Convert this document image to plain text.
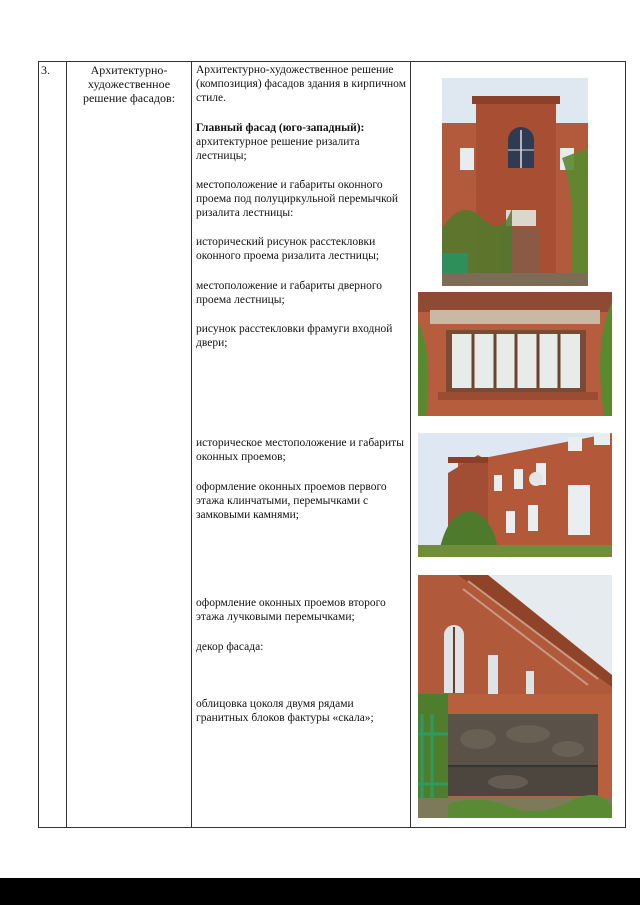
3.	Архитектурно-художественное решение фасадов:
Архитектурно-художественное решение (композиция) фасадов здания в кирпичном стиле.
Главный фасад (юго-западный):
архитектурное решение ризалита лестницы;
местоположение и габариты оконного проема под полуциркульной перемычкой ризалита лестницы:
исторический рисунок расстекловки оконного проема ризалита лестницы;
местоположение и габариты дверного проема лестницы;
рисунок расстекловки фрамуги входной двери;
историческое местоположение и габариты оконных проемов;
оформление оконных проемов первого этажа клинчатыми, перемычками с замковыми камнями;
оформление оконных проемов второго этажа лучковыми перемычками;
декор фасада:
облицовка цоколя двумя рядами гранитных блоков фактуры «скала»;
